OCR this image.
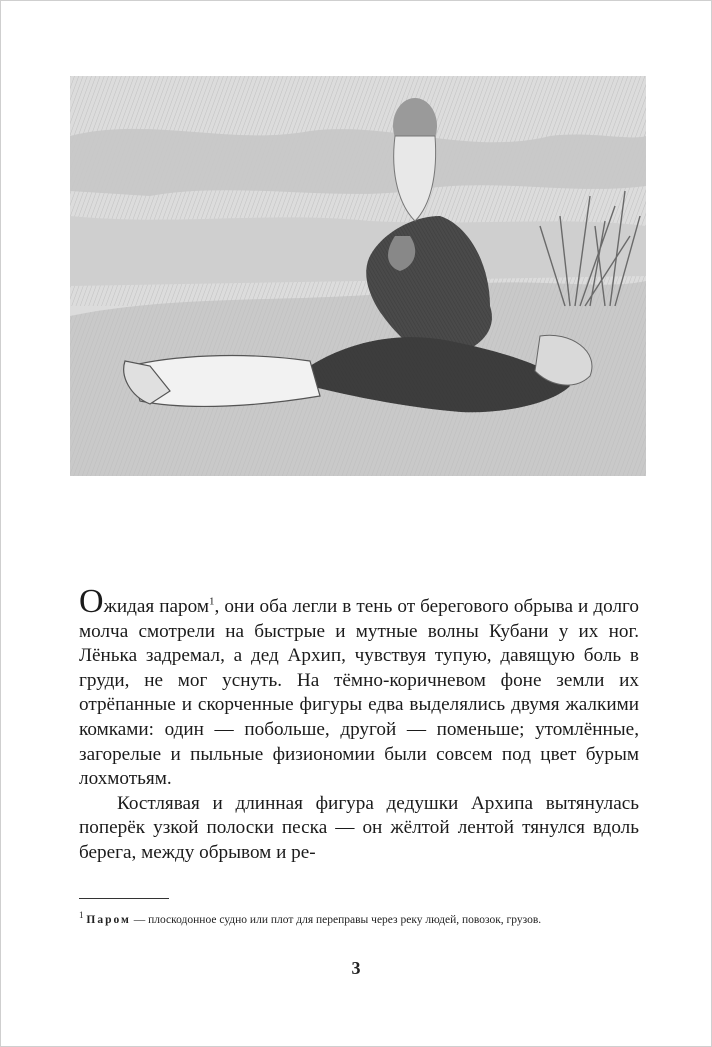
Ожидая паром$^1$, они оба легли в тень от берегового обрыва и долго молча смотрели на быстрые и мутные волны Кубани у их ног. Лёнька задремал, а дед Архип, чувствуя тупую, давящую боль в груди, не мог уснуть. На тёмно-коричневом фоне земли их отрёпанные и скорченные фигуры едва выделялись двумя жалкими комками: один — побольше, другой — поменьше; утомлённые, загорелые и пыльные физиономии были совсем под цвет бурым лохмотьям.

Костлявая и длинная фигура дедушки Архипа вытянулась поперёк узкой полоски песка — он жёлтой лентой тянулся вдоль берега, между обрывом и ре-

$^1$ Паром — плоскодонное судно или плот для переправы через реку людей, повозок, грузов.
3
